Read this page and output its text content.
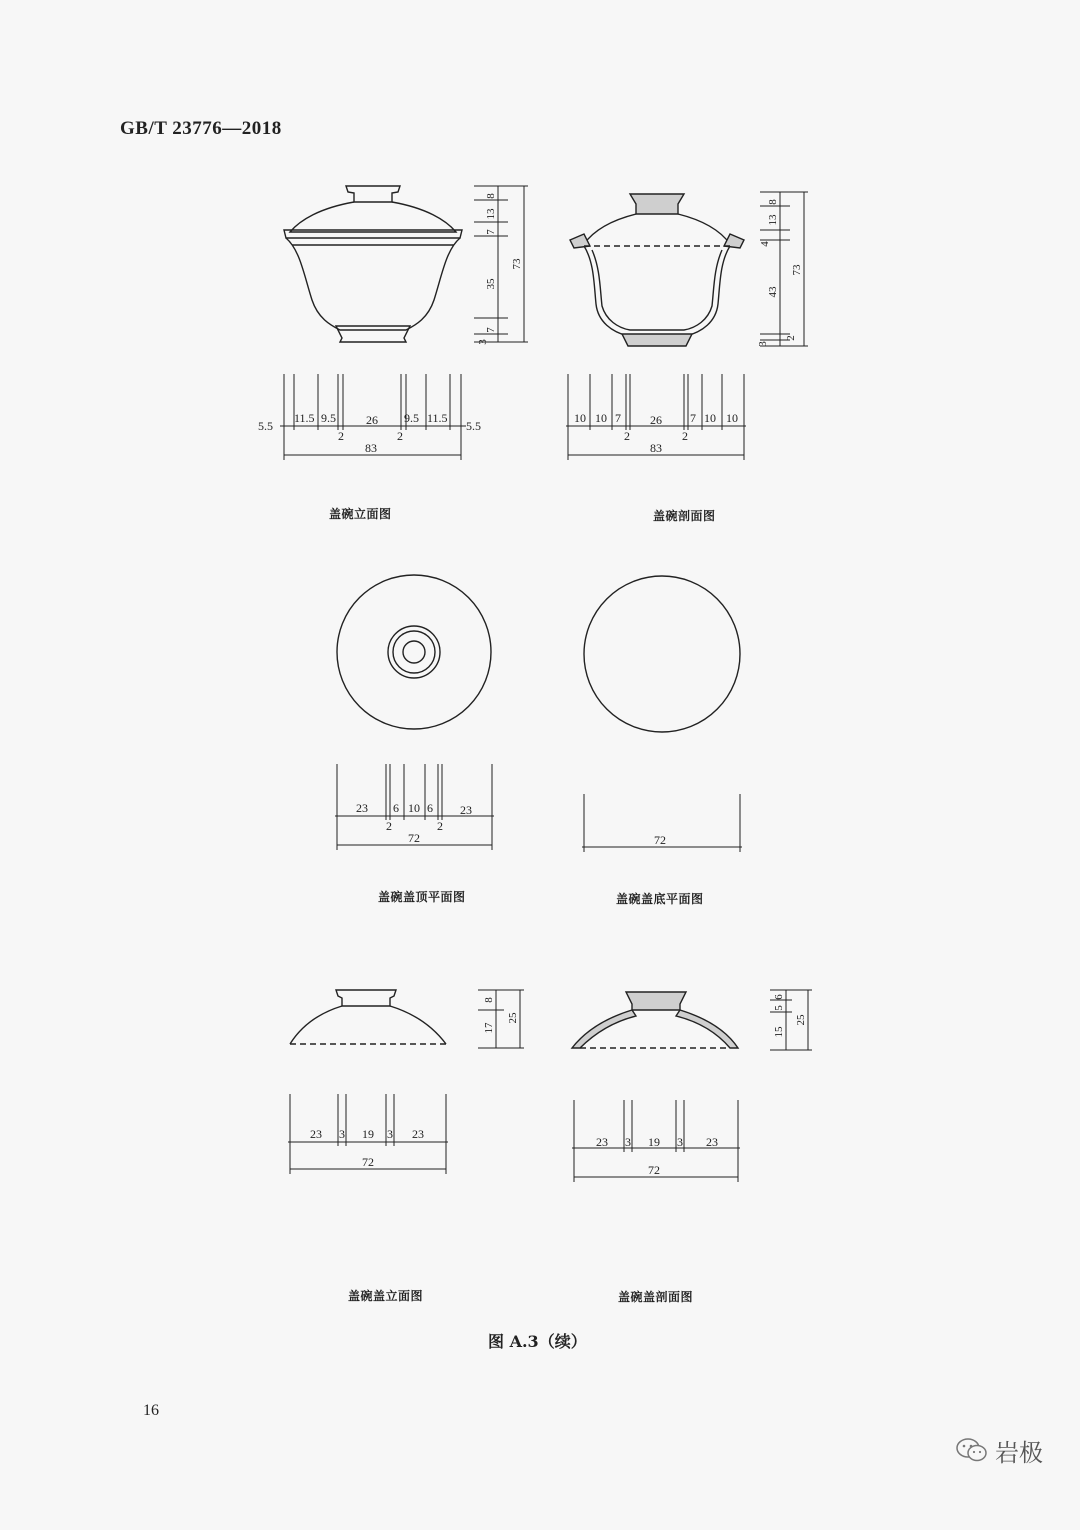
GB/T 23776—2018
8
13
7
35
7
3
73
5.5
11.5 9.5
2
26
2
9.5 11.5
5.5
83
8
13
4
43
3
2
73
10 10 7
2
26
2
7 10 10
83
23 6
2
10
2
6 23
72	72
8
17
25
23 3 19 3 23
72
6
5
15
25
23 3 19 3 23
72
盖碗立面图	盖碗剖面图
盖碗盖顶平面图	盖碗盖底平面图
盖碗盖立面图	盖碗盖剖面图
图 A.3（续）
16
岩极
